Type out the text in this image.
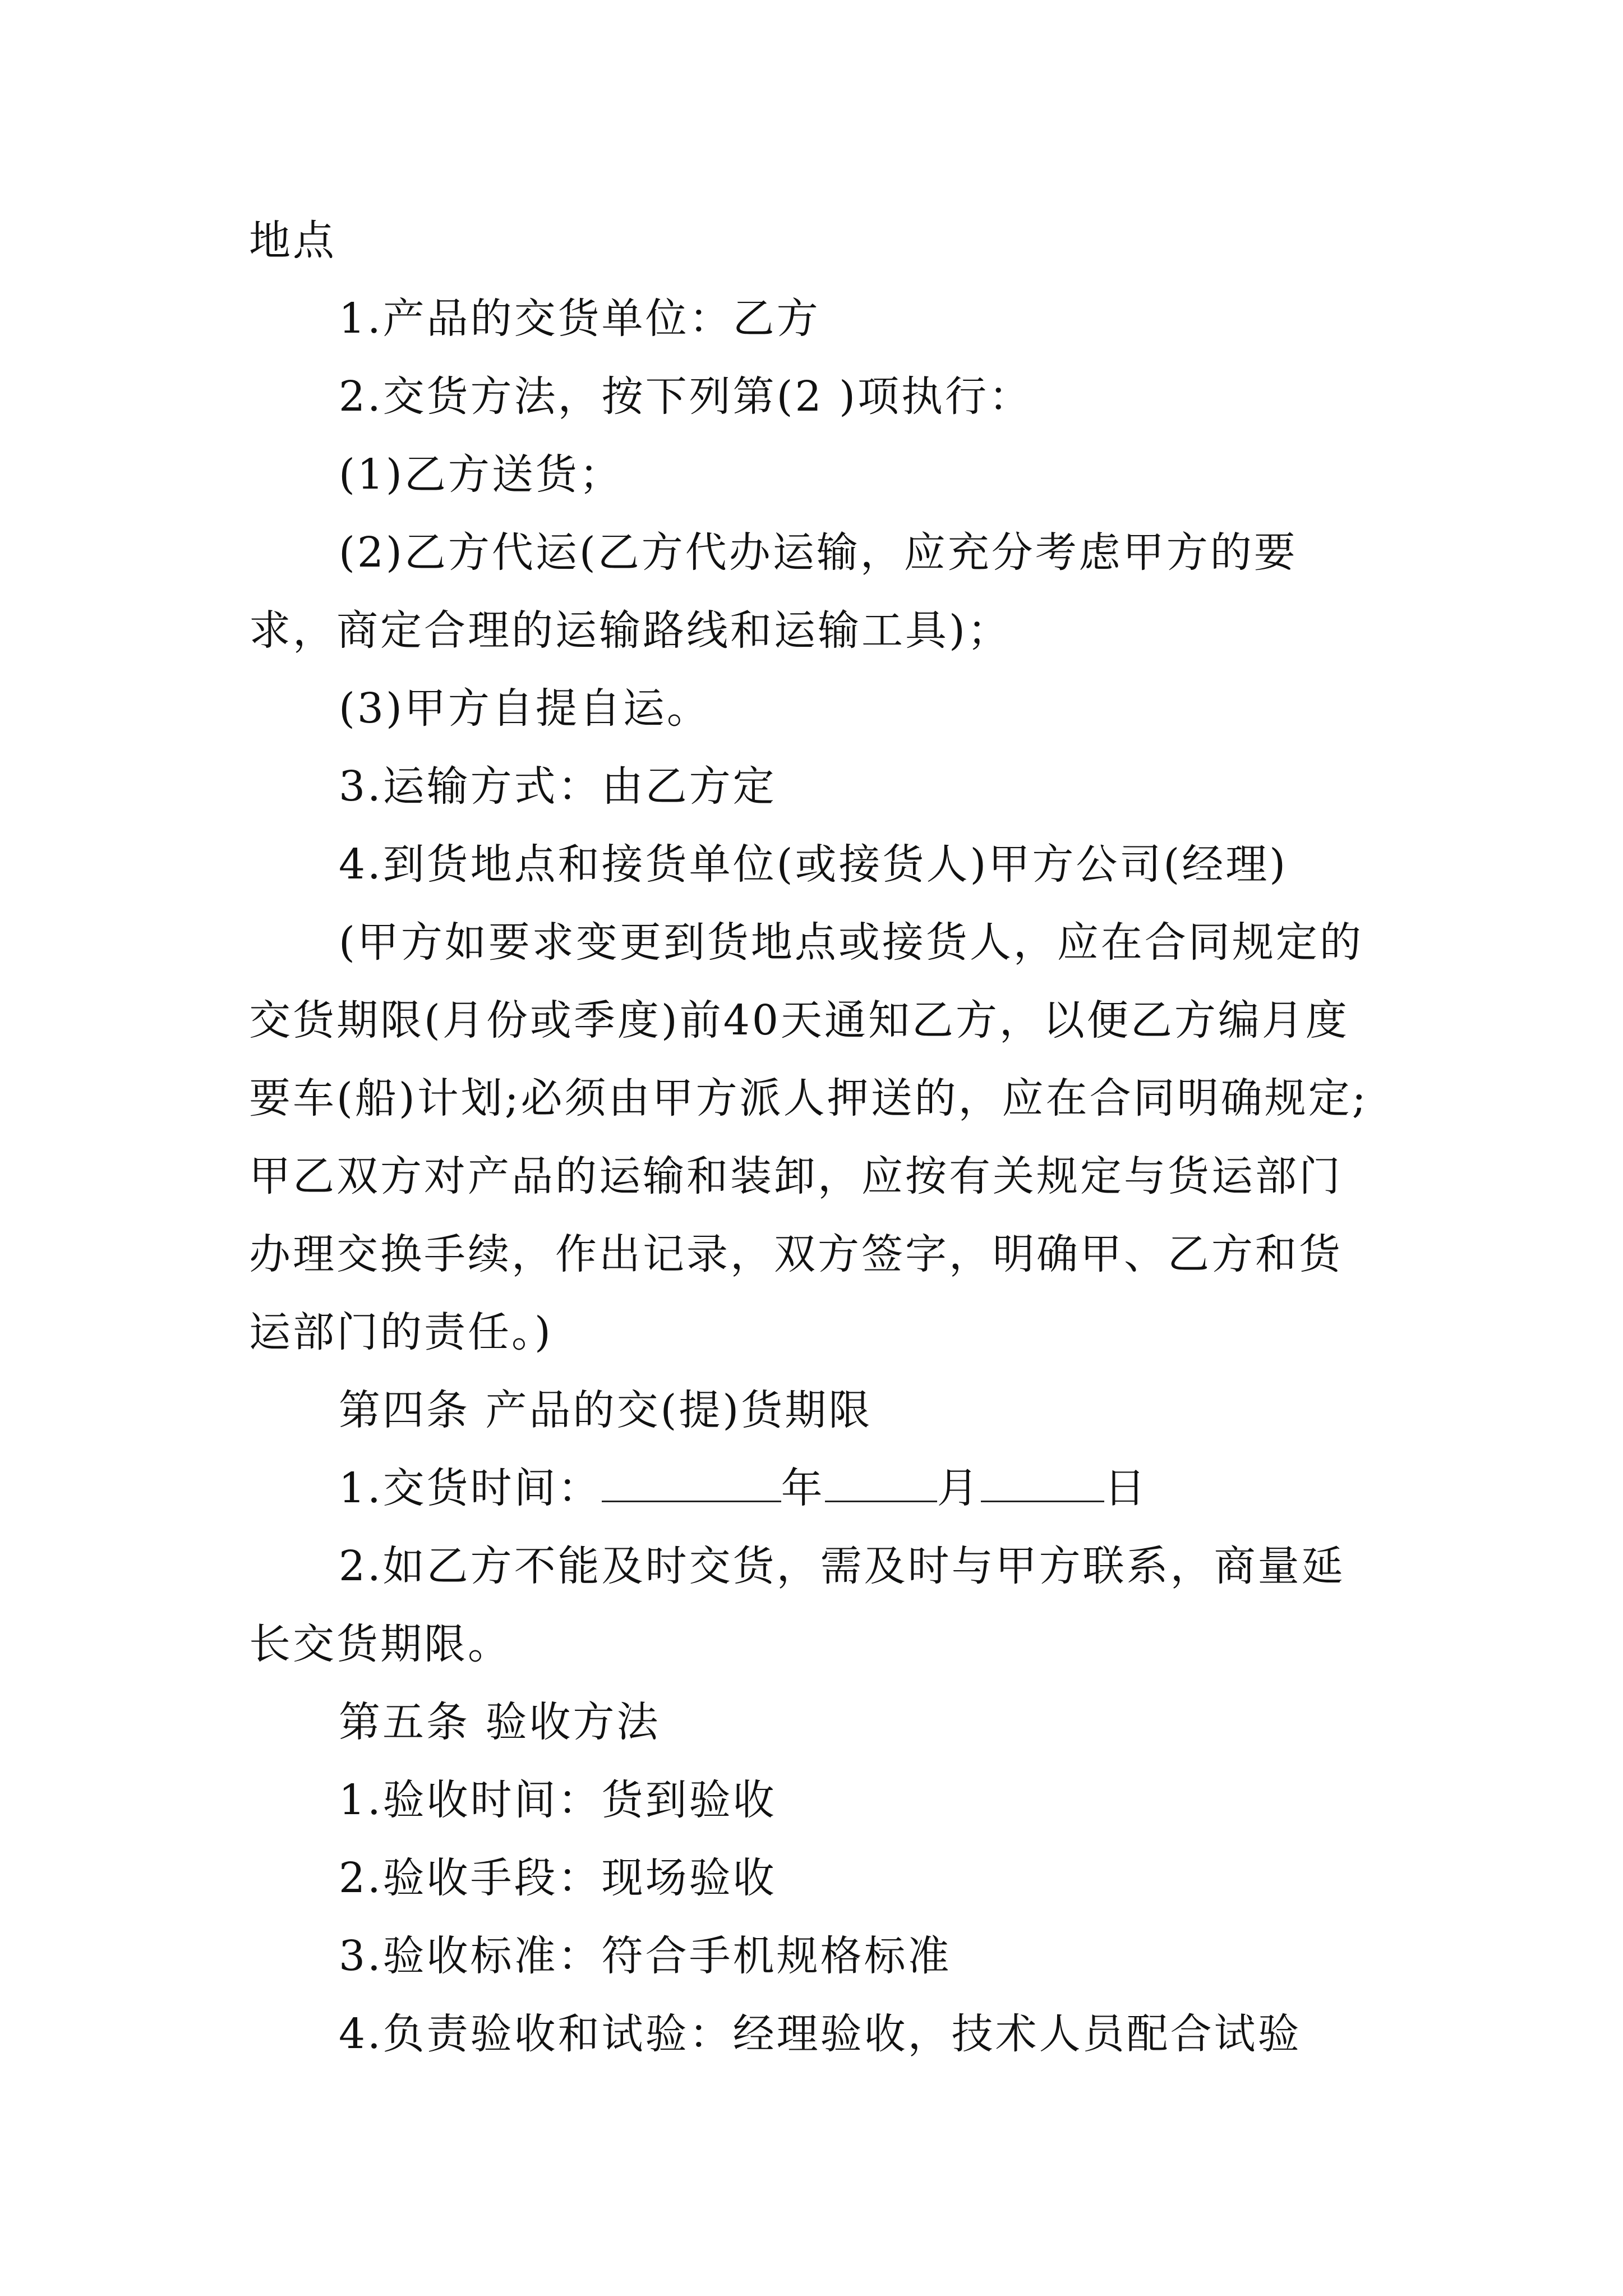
地点

1.产品的交货单位：乙方

2.交货方法，按下列第(2 )项执行：

(1)乙方送货；

(2)乙方代运(乙方代办运输，应充分考虑甲方的要求，商定合理的运输路线和运输工具)；

(3)甲方自提自运。

3.运输方式：由乙方定

4.到货地点和接货单位(或接货人)甲方公司(经理)

(甲方如要求变更到货地点或接货人，应在合同规定的交货期限(月份或季度)前40天通知乙方，以便乙方编月度要车(船)计划;必须由甲方派人押送的，应在合同明确规定;甲乙双方对产品的运输和装卸，应按有关规定与货运部门办理交换手续，作出记录，双方签字，明确甲、乙方和货运部门的责任。)

第四条 产品的交(提)货期限

1.交货时间：	年	月	日

2.如乙方不能及时交货，需及时与甲方联系，商量延长交货期限。

第五条 验收方法

1.验收时间：货到验收

2.验收手段：现场验收

3.验收标准：符合手机规格标准

4.负责验收和试验：经理验收，技术人员配合试验
